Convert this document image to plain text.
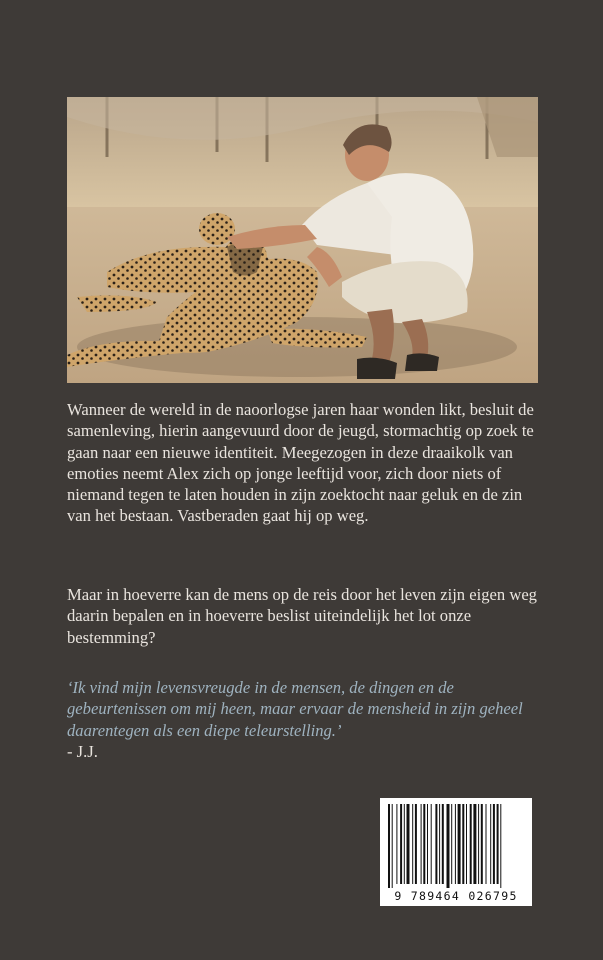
Wanneer de wereld in de naoorlogse jaren haar wonden likt, besluit de samenleving, hierin aangevuurd door de jeugd, stormachtig op zoek te gaan naar een nieuwe identiteit. Meegezogen in deze draaikolk van emoties neemt Alex zich op jonge leeftijd voor, zich door niets of niemand tegen te laten houden in zijn zoektocht naar geluk en de zin van het bestaan. Vastberaden gaat hij op weg.

Maar in hoeverre kan de mens op de reis door het leven zijn eigen weg daarin bepalen en in hoeverre beslist uiteindelijk het lot onze bestemming?

‘Ik vind mijn levensvreugde in de mensen, de dingen en de gebeurtenissen om mij heen, maar ervaar de mensheid in zijn geheel daarentegen als een diepe teleurstelling.’

- J.J.

9 789464 026795
